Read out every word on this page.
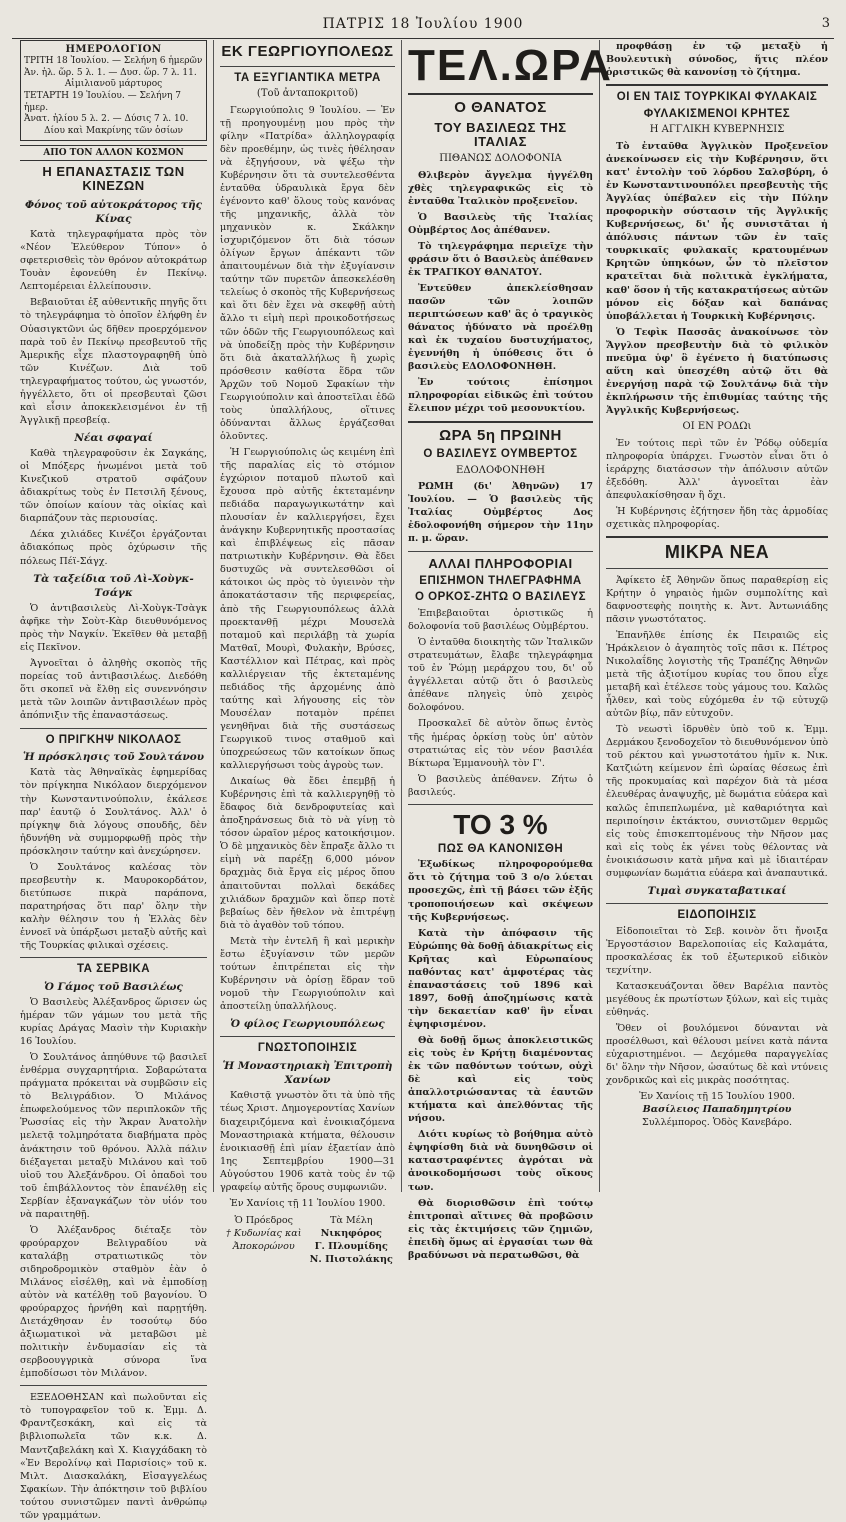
ΠΑΤΡΙΣ 18 Ἰουλίου 1900	3
ΗΜΕΡΟΛΟΓΙΟΝ
ΤΡΙΤΗ 18 Ἰουλίου. — Σελήνη 6 ἡμερῶν
Ἀν. ἡλ. ὥρ. 5 λ. 1. — Δυσ. ὥρ. 7 λ. 11.
Αἰμιλιανοῦ μάρτυρος
ΤΕΤΑΡΤΗ 19 Ἰουλίου. — Σελήνη 7 ἡμερ.
Ἀνατ. ἡλίου 5 λ. 2. — Δύσις 7 λ. 10.
Δίου καὶ Μακρίνης τῶν ὁσίων
ΑΠΟ ΤΟΝ ΑΛΛΟΝ ΚΟΣΜΟΝ
Η ΕΠΑΝΑΣΤΑΣΙΣ ΤΩΝ ΚΙΝΕΖΩΝ
Φόνος τοῦ αὐτοκράτορος τῆς Κίνας

Κατὰ τηλεγραφήματα πρὸς τὸν «Νέον Ἐλεύθερον Τύπον» ὁ σφετερισθεὶς τὸν θρόνον αὐτοκράτωρ Τουὰν ἐφονεύθη ἐν Πεκίνῳ. Λεπτομέρειαι ἐλλείπουσιν.

Βεβαιοῦται ἐξ αὐθεντικῆς πηγῆς ὅτι τὸ τηλεγράφημα τὸ ὁποῖον ἐλήφθη ἐν Οὐασιγκτῶνι ὡς δῆθεν προερχόμενον παρὰ τοῦ ἐν Πεκίνῳ πρεσβευτοῦ τῆς Ἀμερικῆς εἶχε πλαστογραφηθῆ ὑπὸ τῶν Κινέζων. Διὰ τοῦ τηλεγραφήματος τούτου, ὡς γνωστόν, ἠγγέλλετο, ὅτι οἱ πρεσβευταὶ ζῶσι καὶ εἶσιν ἀποκεκλεισμένοι ἐν τῇ Ἀγγλικῇ πρεσβείᾳ.

Νέαι σφαγαί

Καθὰ τηλεγραφοῦσιν ἐκ Σαγκάης, οἱ Μπόξερς ἡνωμένοι μετὰ τοῦ Κινεζικοῦ στρατοῦ σφάζουν ἀδιακρίτως τοὺς ἐν Πετσιλῆ ξένους, τῶν ὁποίων καίουν τὰς οἰκίας καὶ διαρπάζουν τὰς περιουσίας.

Δέκα χιλιάδες Κινέζοι ἐργάζονται ἀδιακόπως πρὸς ὀχύρωσιν τῆς πόλεως Πέϊ-Σάγχ.

Τὰ ταξείδια τοῦ Λὶ-Χοὺγκ-Τσάγκ

Ὁ ἀντιβασιλεὺς Λὶ-Χοὺγκ-Τσὰγκ ἀφῆκε τὴν Σοὺτ-Κὰρ διευθυνόμενος πρὸς τὴν Ναγκίν. Ἐκεῖθεν θὰ μεταβῇ εἰς Πεκῖνον.

Ἀγνοεῖται ὁ ἀληθὴς σκοπὸς τῆς πορείας τοῦ ἀντιβασιλέως. Διεδόθη ὅτι σκοπεῖ νὰ ἔλθῃ εἰς συνεννόησιν μετὰ τῶν λοιπῶν ἀντιβασιλέων πρὸς ἀπόπνιξιν τῆς ἐπαναστάσεως.

Ο ΠΡΙΓΚΗΨ ΝΙΚΟΛΑΟΣ
Ἡ πρόσκλησις τοῦ Σουλτάνου

Κατὰ τὰς Ἀθηναϊκὰς ἐφημερίδας τὸν πρίγκηπα Νικόλαον διερχόμενον τὴν Κωνσταντινούπολιν, ἐκάλεσε παρ' ἑαυτῷ ὁ Σουλτάνος. Ἀλλ' ὁ πρίγκηψ διὰ λόγους σπουδῆς, δὲν ἠδυνήθη νὰ συμμορφωθῇ πρὸς τὴν πρόσκλησιν ταύτην καὶ ἀνεχώρησεν.

Ὁ Σουλτάνος καλέσας τὸν πρεσβευτὴν κ. Μαυροκορδάτον, διετύπωσε πικρὰ παράπονα, παρατηρήσας ὅτι παρ' ὅλην τὴν καλὴν θέλησιν του ἡ Ἑλλὰς δὲν ἐννοεῖ νὰ ὑπάρξωσι μεταξὺ αὐτῆς καὶ τῆς Τουρκίας φιλικαὶ σχέσεις.

ΤΑ ΣΕΡΒΙΚΑ
Ὁ Γάμος τοῦ Βασιλέως

Ὁ Βασιλεὺς Ἀλέξανδρος ὥρισεν ὡς ἡμέραν τῶν γάμων του μετὰ τῆς κυρίας Δράγας Μασὶν τὴν Κυριακὴν 16 Ἰουλίου.

Ὁ Σουλτάνος ἀπηύθυνε τῷ βασιλεῖ ἐνθέρμα συγχαρητήρια. Σοβαρώτατα πράγματα πρόκειται νὰ συμβῶσιν εἰς τὸ Βελιγράδιον. Ὁ Μιλάνος ἐπωφελούμενος τῶν περιπλοκῶν τῆς Ῥωσσίας εἰς τὴν Ἄκραν Ἀνατολὴν μελετᾷ τολμηρότατα διαβήματα πρὸς ἀνάκτησιν τοῦ θρόνου. Ἀλλὰ πάλιν διέξαγεται μεταξὺ Μιλάνου καὶ τοῦ υἱοῦ του Ἀλεξάνδρου. Οἱ ὀπαδοὶ του τοῦ ἐπιβάλλοντος τὸν ἐπανέλθῃ εἰς Σερβίαν ἐξαναγκάζων τὸν υἱόν του νὰ παραιτηθῇ.

Ὁ Ἀλέξανδρος διέταξε τὸν φρούραρχον Βελιγραδίου νὰ καταλάβῃ στρατιωτικῶς τὸν σιδηροδρομικὸν σταθμὸν ἐὰν ὁ Μιλάνος εἰσέλθῃ, καὶ νὰ ἐμποδίσῃ αὐτὸν νὰ κατέλθῃ τοῦ βαγονίου. Ὁ φρούραρχος ἠρνήθη καὶ παρῃτήθη. Διετάχθησαν ἐν τοσούτῳ δύο ἀξιωματικοὶ νὰ μεταβῶσι μὲ πολιτικὴν ἐνδυμασίαν εἰς τὰ σερβοουγγρικὰ σύνορα ἵνα ἐμποδίσωσι τὸν Μιλάνον.

ΕΞΕΔΟΘΗΣΑΝ καὶ πωλοῦνται εἰς τὸ τυπογραφεῖον τοῦ κ. Ἐμμ. Δ. Φραντζεσκάκη, καὶ εἰς τὰ βιβλιοπωλεῖα τῶν κ.κ. Δ. Μαντζαβελάκη καὶ Χ. Κιαγχάδακη τὸ «Ἐν Βερολίνῳ καὶ Παρισίοις» τοῦ κ. Μιλτ. Διασκαλάκη, Εἰσαγγελέως Σφακίων. Τὴν ἀπόκτησιν τοῦ βιβλίου τούτου συνιστῶμεν παντὶ ἀνθρώπῳ τῶν γραμμάτων.

ΕΚ ΓΕΩΡΓΙΟΥΠΟΛΕΩΣ
ΤΑ ΕΞΥΓΙΑΝΤΙΚΑ ΜΕΤΡΑ
(Τοῦ ἀνταποκριτοῦ)

Γεωργιούπολις 9 Ἰουλίου. — Ἐν τῇ προηγουμένῃ μου πρὸς τὴν φίλην «Πατρίδα» ἀλληλογραφίᾳ δὲν προεθέμην, ὡς τινὲς ἠθέλησαν νὰ ἐξηγήσουν, νὰ ψέξω τὴν Κυβέρνησιν ὅτι τὰ συντελεσθέντα ἐνταῦθα ὑδραυλικὰ ἔργα δὲν ἐγένοντο καθ' ὅλους τοὺς κανόνας τῆς μηχανικῆς, ἀλλὰ τὸν μηχανικὸν κ. Σκάλκην ἰσχυριζόμενον ὅτι διὰ τόσων ὀλίγων ἔργων ἀπέκαντι τῶν ἀπαιτουμένων διὰ τὴν ἐξυγίανσιν ταύτην τῶν πυρετῶν ἀπεσκελέσθη τελείως ὁ σκοπὸς τῆς Κυβερνήσεως καὶ ὅτι δὲν ἔχει νὰ σκεφθῇ αὐτὴ ἄλλο τι εἰμὴ περὶ προικοδοτήσεως τῶν ὁδῶν τῆς Γεωργιουπόλεως καὶ νὰ ὑποδείξῃ πρὸς τὴν Κυβέρνησιν ὅτι διὰ ἀκαταλλήλως ἢ χωρὶς πρόσθεσιν καθίστα ἕδρα τῶν Ἀρχῶν τοῦ Νομοῦ Σφακίων τὴν Γεωργιούπολιν καὶ ἀποστεῖλαι ἐδῶ τοὺς ὑπαλλήλους, οἵτινες ὁδύνανται ἄλλως ἐργάζεσθαι ὁλοῦντες.

Ἡ Γεωργιούπολις ὡς κειμένη ἐπὶ τῆς παραλίας εἰς τὸ στόμιον ἐγχώριον ποταμοῦ πλωτοῦ καὶ ἔχουσα πρὸ αὐτῆς ἐκτεταμένην πεδιάδα παραγωγικωτάτην καὶ πλουσίαν ἐν καλλιεργήσει, ἔχει ἀνάγκην Κυβερνητικῆς προστασίας καὶ ἐπιβλέψεως εἰς πᾶσαν πατριωτικὴν Κυβέρνησιν. Θὰ ἔδει δυστυχῶς νὰ συντελεσθῶσι οἱ κάτοικοι ὡς πρὸς τὸ ὑγιεινὸν τὴν ἀποκατάστασιν τῆς περιφερείας, ἀπὸ τῆς Γεωργιουπόλεως ἀλλὰ προεκτανθῇ μέχρι Μουσελὰ ποταμοῦ καὶ περιλάβῃ τὰ χωρία Ματθαῖ, Μουρὶ, Φυλακὴν, Βρύσες, Καστέλλιον καὶ Πέτρας, καὶ πρὸς καλλιέργειαν τῆς ἐκτεταμένης πεδιάδος τῆς ἀρχομένης ἀπὸ ταύτης καὶ λήγουσης εἰς τὸν Μουσέλαν ποταμὸν πρέπει γενηθῆναι διὰ τῆς συστάσεως Γεωργικοῦ τινος σταθμοῦ καὶ ὑποχρεώσεως τῶν κατοίκων ὅπως καλλιεργήσωσι τοὺς ἀγροὺς των.

Δικαίως θὰ ἔδει ἐπεμβῇ ἡ Κυβέρνησις ἐπὶ τὰ καλλιεργηθῇ τὸ ἔδαφος διὰ δενδροφυτείας καὶ ἀποξηράνσεως διὰ τὸ νὰ γίνῃ τὸ τόσον ὡραῖον μέρος κατοικήσιμον. Ὁ δὲ μηχανικὸς δὲν ἔπραξε ἄλλο τι εἰμὴ νὰ παρέξῃ 6,000 μόνον δραχμὰς διὰ ἔργα εἰς μέρος ὅπου ἀπαιτοῦνται πολλαὶ δεκάδες χιλιάδων δραχμῶν καὶ ὅπερ ποτὲ βεβαίως δὲν ἤθελον νὰ ἐπιτρέψῃ διὰ τὸ ἀγαθὸν τοῦ τόπου.

Μετὰ τὴν ἐντελῆ ἢ καὶ μερικὴν ἔστω ἐξυγίανσιν τῶν μερῶν τούτων ἐπιτρέπεται εἰς τὴν Κυβέρνησιν νὰ ὁρίσῃ ἕδραν τοῦ νομοῦ τὴν Γεωργιούπολιν καὶ ἀποστείλῃ ὑπαλλήλους.

Ὁ φίλος Γεωργιουπόλεως
ΓΝΩΣΤΟΠΟΙΗΣΙΣ
Ἡ Μοναστηριακὴ Ἐπιτροπὴ Χανίων

Καθιστᾷ γνωστὸν ὅτι τὰ ὑπὸ τῆς τέως Χριστ. Δημογεροντίας Χανίων διαχειριζόμενα καὶ ἐνοικιαζόμενα Μοναστηριακὰ κτήματα, θέλουσιν ἐνοικιασθῇ ἐπὶ μίαν ἐξαετίαν ἀπὸ 1ης Σεπτεμβρίου 1900—31 Αὐγούστου 1906 κατὰ τοὺς ἐν τῷ γραφείῳ αὐτῆς ὅρους συμφωνιῶν.

Ἐν Χανίοις τῇ 11 Ἰουλίου 1900.
Ὁ Πρόεδρος
† Κυδωνίας καὶ Ἀποκορώνου
Τὰ Μέλη
Νικηφόρος
Γ. Πλουμίδης
Ν. Πιστολάκης
ΤΕΛ.ΩΡΑ
Ο ΘΑΝΑΤΟΣ
ΤΟΥ ΒΑΣΙΛΕΩΣ ΤΗΣ ΙΤΑΛΙΑΣ
ΠΙΘΑΝΩΣ ΔΟΛΟΦΟΝΙΑ

Θλιβερὸν ἄγγελμα ἠγγέλθη χθὲς τηλεγραφικῶς εἰς τὸ ἐνταῦθα Ἰταλικὸν προξενεῖον.

Ὁ Βασιλεὺς τῆς Ἰταλίας Οὐμβέρτος Δος ἀπέθανεν.

Τὸ τηλεγράφημα περιεῖχε τὴν φράσιν ὅτι ὁ Βασιλεὺς ἀπέθανεν ἐκ ΤΡΑΓΙΚΟΥ ΘΑΝΑΤΟΥ.

Ἐντεῦθεν ἀπεκλείσθησαν πασῶν τῶν λοιπῶν περιπτώσεων καθ' ἃς ὁ τραγικὸς θάνατος ἠδύνατο νὰ προέλθῃ καὶ ἐκ τυχαίου δυστυχήματος, ἐγεννήθη ἡ ὑπόθεσις ὅτι ὁ βασιλεὺς ΕΔΟΛΟΦΟΝΗΘΗ.

Ἐν τούτοις ἐπίσημοι πληροφορίαι εἰδικῶς ἐπὶ τούτου ἔλειπον μέχρι τοῦ μεσονυκτίου.

ΩΡΑ 5η ΠΡΩΙΝΗ
Ο ΒΑΣΙΛΕΥΣ ΟΥΜΒΕΡΤΟΣ
ΕΔΟΛΟΦΟΝΗΘΗ

ΡΩΜΗ (δι' Ἀθηνῶν) 17 Ἰουλίου. — Ὁ βασιλεὺς τῆς Ἰταλίας Οὐμβέρτος Δος ἐδολοφονήθη σήμερον τὴν 11ην π. μ. ὥραν.

ΑΛΛΑΙ ΠΛΗΡΟΦΟΡΙΑΙ
ΕΠΙΣΗΜΟΝ ΤΗΛΕΓΡΑΦΗΜΑ
Ο ΟΡΚΟΣ-ΖΗΤΩ Ο ΒΑΣΙΛΕΥΣ

Ἐπιβεβαιοῦται ὁριστικῶς ἡ δολοφονία τοῦ βασιλέως Οὐμβέρτου.

Ὁ ἐνταῦθα διοικητὴς τῶν Ἰταλικῶν στρατευμάτων, ἔλαβε τηλεγράφημα τοῦ ἐν Ῥώμῃ μεράρχου του, δι' οὗ ἀγγέλλεται αὐτῷ ὅτι ὁ βασιλεὺς ἀπέθανε πληγεὶς ὑπὸ χειρὸς δολοφόνου.

Προσκαλεῖ δὲ αὐτὸν ὅπως ἐντὸς τῆς ἡμέρας ὁρκίσῃ τοὺς ὑπ' αὐτὸν στρατιώτας εἰς τὸν νέον βασιλέα Βίκτωρα Ἐμμανουὴλ τὸν Γ'.

Ὁ βασιλεὺς ἀπέθανεν. Ζήτω ὁ βασιλεύς.

ΤΟ 3 %
ΠΩΣ ΘΑ ΚΑΝΟΝΙΣΘΗ

Ἐξωδίκως πληροφορούμεθα ὅτι τὸ ζήτημα τοῦ 3 ο/ο λύεται προσεχῶς, ἐπὶ τῇ βάσει τῶν ἐξῆς τροποποιήσεων καὶ σκέψεων τῆς Κυβερνήσεως.

Κατὰ τὴν ἀπόφασιν τῆς Εὐρώπης θὰ δοθῇ ἀδιακρίτως εἰς Κρῆτας καὶ Εὐρωπαίους παθόντας κατ' ἀμφοτέρας τὰς ἐπαναστάσεις τοῦ 1896 καὶ 1897, δοθῇ ἀποζημίωσις κατὰ τὴν δεκαετίαν καθ' ἣν εἶναι ἐψηφισμένον.

Θὰ δοθῇ ὅμως ἀποκλειστικῶς εἰς τοὺς ἐν Κρήτῃ διαμένοντας ἐκ τῶν παθόντων τούτων, οὐχὶ δὲ καὶ εἰς τοὺς ἀπαλλοτριώσαντας τὰ ἑαυτῶν κτήματα καὶ ἀπελθόντας τῆς νήσου.

Διότι κυρίως τὸ βοήθημα αὐτὸ ἐψηφίσθη διὰ νὰ δυνηθῶσιν οἱ καταστραφέντες ἀγρόται νὰ ἀνοικοδομήσωσι τοὺς οἴκους των.

Θὰ διορισθῶσιν ἐπὶ τούτῳ ἐπιτροπαὶ αἵτινες θὰ προβῶσιν εἰς τὰς ἐκτιμήσεις τῶν ζημιῶν, ἐπειδὴ ὅμως αἱ ἐργασίαι των θὰ βραδύνωσι νὰ περατωθῶσι, θὰ

προφθάσῃ ἐν τῷ μεταξὺ ἡ Βουλευτικὴ σύνοδος, ἥτις πλέον ὁριστικῶς θὰ κανονίσῃ τὸ ζήτημα.

ΟΙ ΕΝ ΤΑΙΣ ΤΟΥΡΚΙΚΑΙ ΦΥΛΑΚΑΙΣ
ΦΥΛΑΚΙΣΜΕΝΟΙ ΚΡΗΤΕΣ
Η ΑΓΓΛΙΚΗ ΚΥΒΕΡΝΗΣΙΣ

Τὸ ἐνταῦθα Ἀγγλικὸν Προξενεῖον ἀνεκοίνωσεν εἰς τὴν Κυβέρνησιν, ὅτι κατ' ἐντολὴν τοῦ λόρδου Σαλσβύρη, ὁ ἐν Κωνσταντινουπόλει πρεσβευτὴς τῆς Ἀγγλίας ὑπέβαλεν εἰς τὴν Πύλην προφορικὴν σύστασιν τῆς Ἀγγλικῆς Κυβερνήσεως, δι' ἧς συνιστᾶται ἡ ἀπόλυσις πάντων τῶν ἐν ταῖς τουρκικαῖς φυλακαῖς κρατουμένων Κρητῶν ὑπηκόων, ὧν τὸ πλεῖστον κρατεῖται διὰ πολιτικὰ ἐγκλήματα, καθ' ὅσον ἡ τῆς κατακρατήσεως αὐτῶν μόνον εἰς δόξαν καὶ δαπάνας ὑποβάλλεται ἡ Τουρκικὴ Κυβέρνησις.

Ὁ Τεφὶκ Πασσᾶς ἀνακοίνωσε τὸν Ἄγγλον πρεσβευτὴν διὰ τὸ φιλικὸν πνεῦμα ὑφ' ὃ ἐγένετο ἡ διατύπωσις αὕτη καὶ ὑπεσχέθη αὐτῷ ὅτι θὰ ἐνεργήσῃ παρὰ τῷ Σουλτάνῳ διὰ τὴν ἐκπλήρωσιν τῆς ἐπιθυμίας ταύτης τῆς Ἀγγλικῆς Κυβερνήσεως.

ΟΙ ΕΝ ΡΟΔΩι

Ἐν τούτοις περὶ τῶν ἐν Ῥόδῳ οὐδεμία πληροφορία ὑπάρχει. Γνωστὸν εἶναι ὅτι ὁ ἱεράρχης διατάσσων τὴν ἀπόλυσιν αὐτῶν ἐξεδόθη. Ἀλλ' ἀγνοεῖται ἐὰν ἀπεφυλακίσθησαν ἢ ὄχι.

Ἡ Κυβέρνησις ἐζήτησεν ἤδη τὰς ἁρμοδίας σχετικὰς πληροφορίας.

ΜΙΚΡΑ ΝΕΑ

Ἀφίκετο ἐξ Ἀθηνῶν ὅπως παραθερίσῃ εἰς Κρήτην ὁ γηραιὸς ἡμῶν συμπολίτης καὶ δαφνοστεφὴς ποιητὴς κ. Ἀντ. Ἀντωνιάδης πᾶσιν γνωστότατος.

Ἐπανῆλθε ἐπίσης ἐκ Πειραιῶς εἰς Ἡράκλειον ὁ ἀγαπητὸς τοῖς πᾶσι κ. Πέτρος Νικολαΐδης λογιστὴς τῆς Τραπέζης Ἀθηνῶν μετὰ τῆς ἀξιοτίμου κυρίας του ὅπου εἶχε μεταβῆ καὶ ἐτέλεσε τοὺς γάμους του. Καλῶς ἦλθεν, καὶ τοὺς εὐχόμεθα ἐν τῷ εὐτυχῷ αὐτῶν βίῳ, πᾶν εὐτυχοῦν.

Τὸ νεωστὶ ἱδρυθὲν ὑπὸ τοῦ κ. Ἐμμ. Δερμάκου ξενοδοχεῖον τὸ διευθυνόμενον ὑπὸ τοῦ ρέκτου καὶ γνωστοτάτου ἡμῖν κ. Νικ. Κατζιώτη κείμενον ἐπὶ ὡραίας θέσεως ἐπὶ τῆς προκυμαίας καὶ παρέχον διὰ τὰ μέσα ἐλευθέρας ἀναψυχῆς, μὲ δωμάτια εὐάερα καὶ καλῶς ἐπιπεπλωμένα, μὲ καθαριότητα καὶ περιποίησιν ἐκτάκτου, συνιστῶμεν θερμῶς εἰς τοὺς ἐπισκεπτομένους τὴν Νῆσον μας καὶ εἰς τοὺς ἐκ γένει τοὺς θέλοντας νὰ ἐνοικιάσωσιν κατὰ μῆνα καὶ μὲ ἰδιαιτέραν συμφωνίαν δωμάτια εὐάερα καὶ ἀναπαυτικά.

Τιμαὶ συγκαταβατικαί
ΕΙΔΟΠΟΙΗΣΙΣ

Εἰδοποιεῖται τὸ Σεβ. κοινὸν ὅτι ἤνοιξα Ἐργοστάσιον Βαρελοποιίας εἰς Καλαμάτα, προσκαλέσας ἐκ τοῦ ἐξωτερικοῦ εἰδικὸν τεχνίτην.

Κατασκευάζονται ὅθεν Βαρέλια παντὸς μεγέθους ἐκ πρωτίστων ξύλων, καὶ εἰς τιμὰς εὐθηνάς.

Ὅθεν οἱ βουλόμενοι δύνανται νὰ προσέλθωσι, καὶ θέλουσι μείνει κατὰ πάντα εὐχαριστημένοι. — Δεχόμεθα παραγγελίας δι' ὅλην τὴν Νῆσον, ὡσαύτως δὲ καὶ ντύνεις χονδρικῶς καὶ εἰς μικρὰς ποσότητας.

Ἐν Χανίοις τῇ 15 Ἰουλίου 1900.
Βασίλειος Παπαδημητρίου
Συλλέμπορος. Ὁδὸς Κανεβάρο.
